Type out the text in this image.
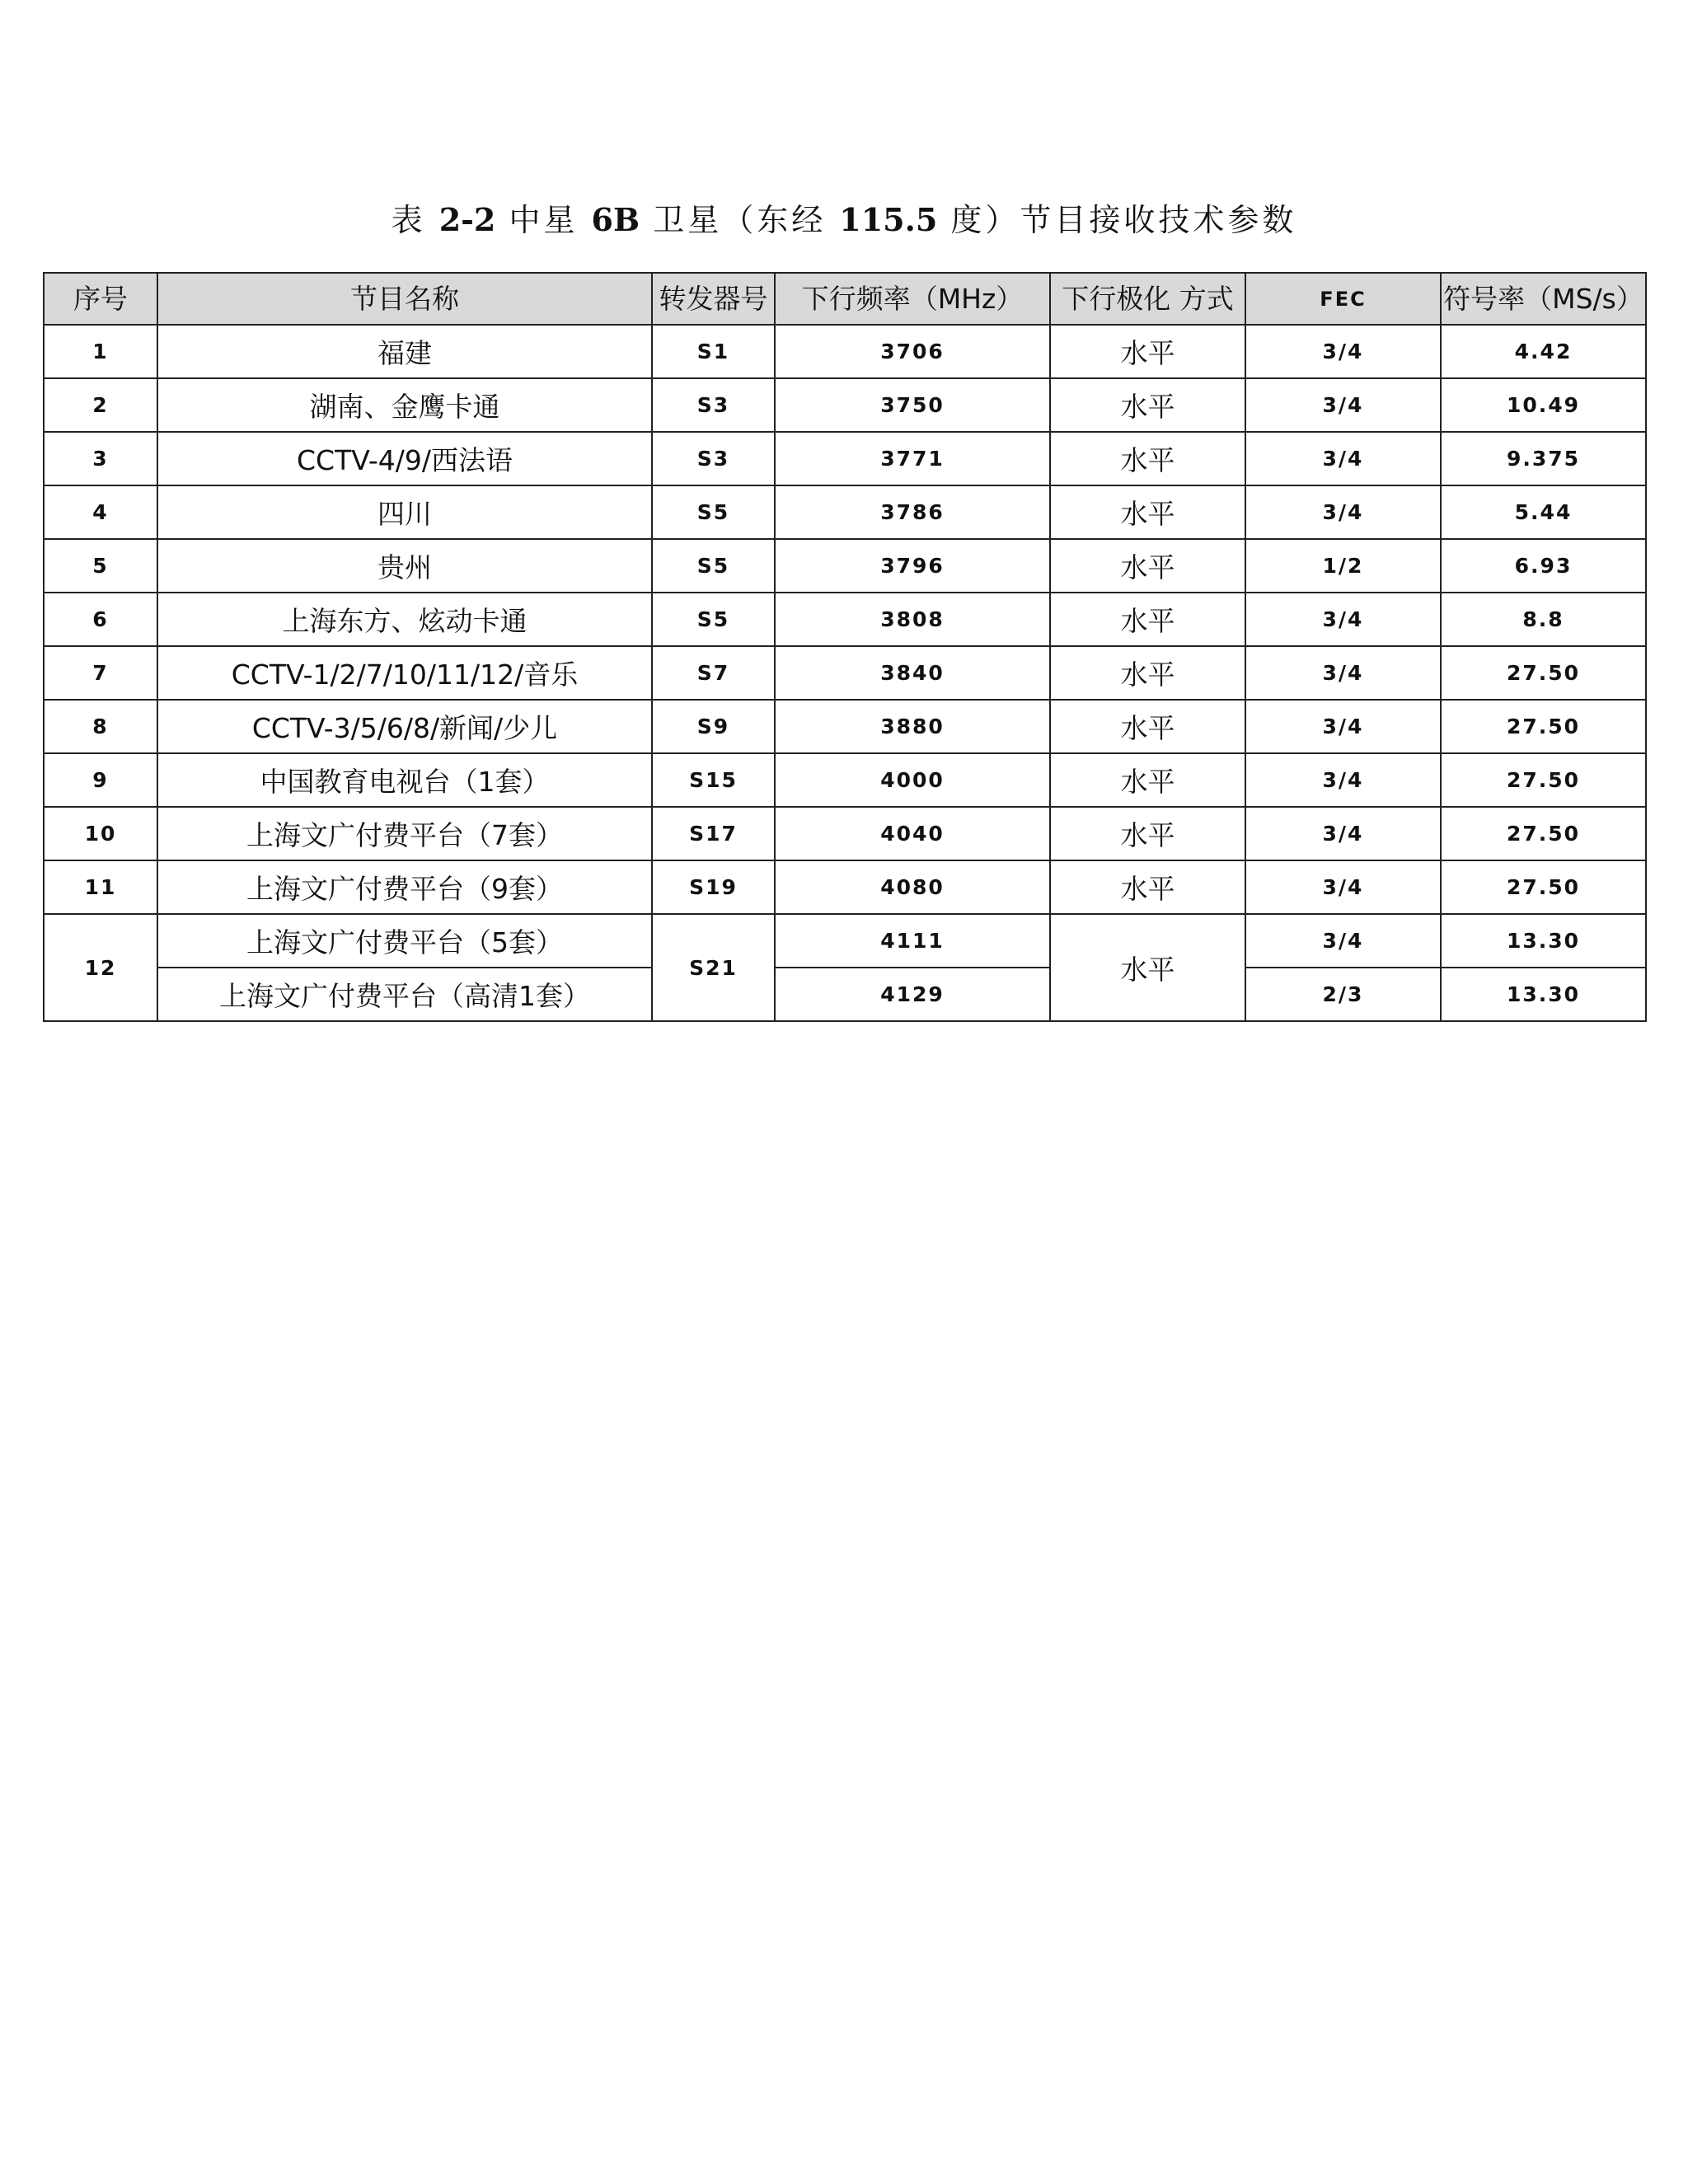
表 2-2 中星 6B 卫星（东经 115.5 度）节目接收技术参数
序号	节目名称	转发器号	下行频率（MHz）	下行极化 方式	FEC	符号率（MS/s）
1	福建	S1	3706	水平	3/4	4.42
2	湖南、金鹰卡通	S3	3750	水平	3/4	10.49
3	CCTV-4/9/西法语	S3	3771	水平	3/4	9.375
4	四川	S5	3786	水平	3/4	5.44
5	贵州	S5	3796	水平	1/2	6.93
6	上海东方、炫动卡通	S5	3808	水平	3/4	8.8
7	CCTV-1/2/7/10/11/12/音乐	S7	3840	水平	3/4	27.50
8	CCTV-3/5/6/8/新闻/少儿	S9	3880	水平	3/4	27.50
9	中国教育电视台（1套）	S15	4000	水平	3/4	27.50
10	上海文广付费平台（7套）	S17	4040	水平	3/4	27.50
11	上海文广付费平台（9套）	S19	4080	水平	3/4	27.50
12	上海文广付费平台（5套）	S21	4111	水平	3/4	13.30
	上海文广付费平台（高清1套）		4129		2/3	13.30
